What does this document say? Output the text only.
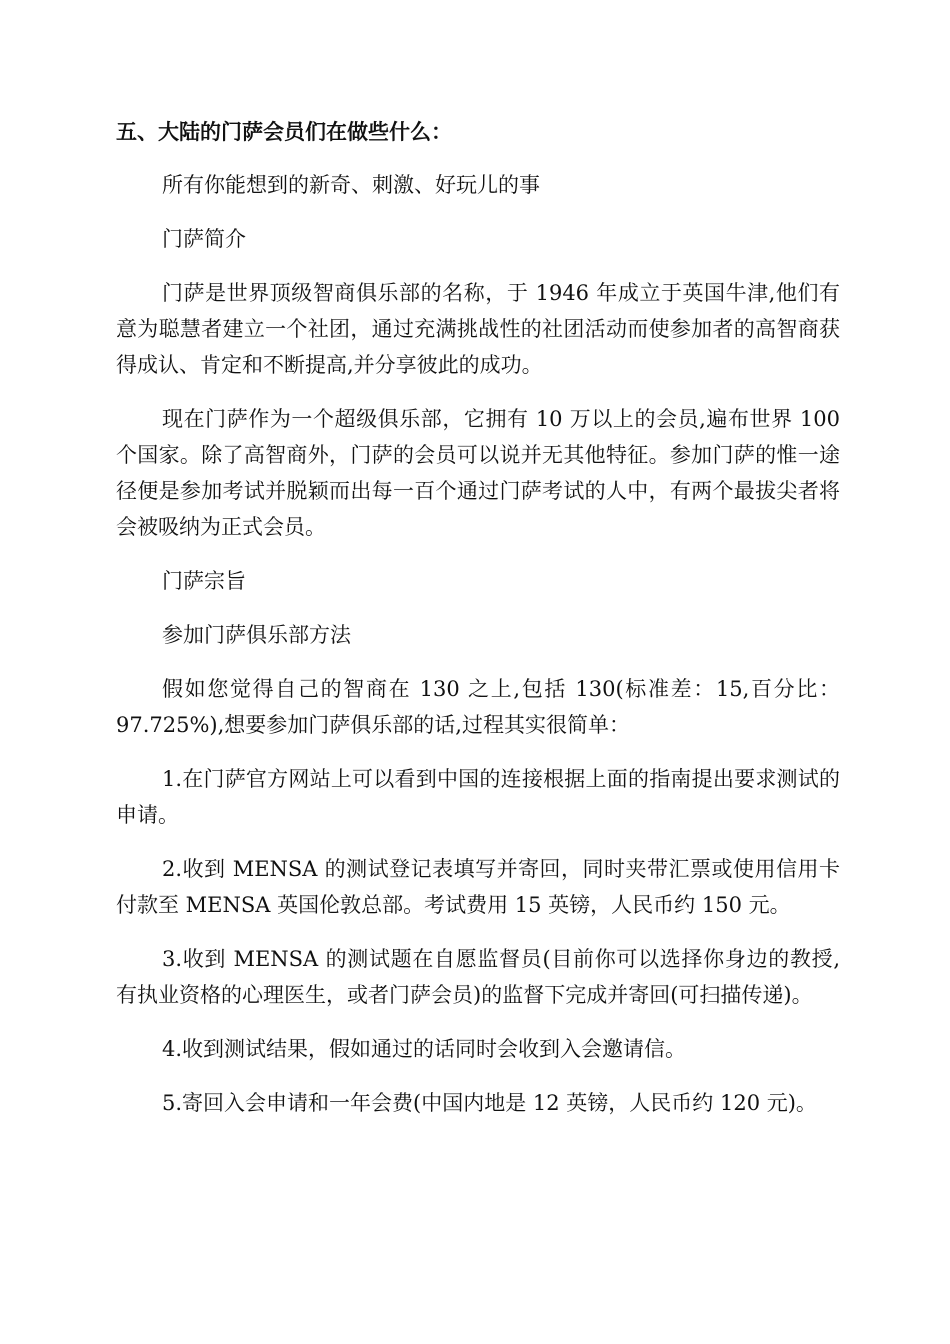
五、大陆的门萨会员们在做些什么：

所有你能想到的新奇、刺激、好玩儿的事

门萨简介

门萨是世界顶级智商俱乐部的名称，于 1946 年成立于英国牛津,他们有意为聪慧者建立一个社团，通过充满挑战性的社团活动而使参加者的高智商获得成认、肯定和不断提高,并分享彼此的成功。

现在门萨作为一个超级俱乐部，它拥有 10 万以上的会员,遍布世界 100 个国家。除了高智商外，门萨的会员可以说并无其他特征。参加门萨的惟一途径便是参加考试并脱颖而出每一百个通过门萨考试的人中，有两个最拔尖者将会被吸纳为正式会员。

门萨宗旨

参加门萨俱乐部方法

假如您觉得自己的智商在 130 之上,包括 130(标准差：15,百分比：97.725%),想要参加门萨俱乐部的话,过程其实很简单：

1.在门萨官方网站上可以看到中国的连接根据上面的指南提出要求测试的申请。

2.收到 MENSA 的测试登记表填写并寄回，同时夹带汇票或使用信用卡付款至 MENSA 英国伦敦总部。考试费用 15 英镑，人民币约 150 元。

3.收到 MENSA 的测试题在自愿监督员(目前你可以选择你身边的教授,有执业资格的心理医生，或者门萨会员)的监督下完成并寄回(可扫描传递)。

4.收到测试结果，假如通过的话同时会收到入会邀请信。

5.寄回入会申请和一年会费(中国内地是 12 英镑，人民币约 120 元)。
